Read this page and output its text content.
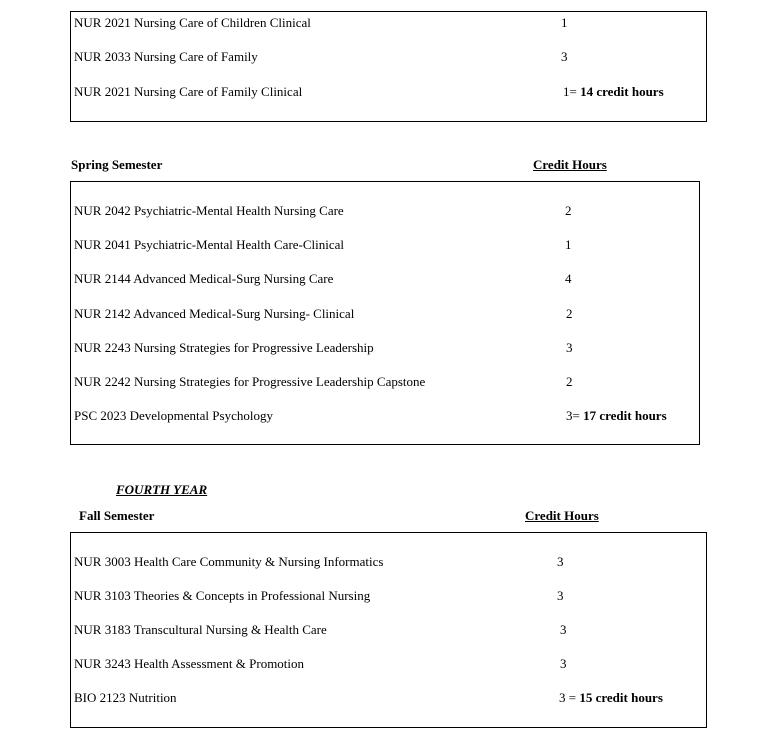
NUR 2021 Nursing Care of Children Clinical	1
NUR 2033 Nursing Care of Family	3
NUR 2021 Nursing Care of Family Clinical	1= 14 credit hours
Spring Semester	Credit Hours
NUR 2042 Psychiatric-Mental Health Nursing Care	2
NUR 2041 Psychiatric-Mental Health Care-Clinical	1
NUR 2144 Advanced Medical-Surg Nursing Care	4
NUR 2142 Advanced Medical-Surg Nursing- Clinical	2
NUR 2243 Nursing Strategies for Progressive Leadership	3
NUR 2242 Nursing Strategies for Progressive Leadership Capstone	2
PSC 2023 Developmental Psychology	3= 17 credit hours
FOURTH YEAR
Fall Semester	Credit Hours
NUR 3003 Health Care Community & Nursing Informatics	3
NUR 3103 Theories & Concepts in Professional Nursing	3
NUR 3183 Transcultural Nursing & Health Care	3
NUR 3243 Health Assessment & Promotion	3
BIO 2123 Nutrition	3 = 15 credit hours
